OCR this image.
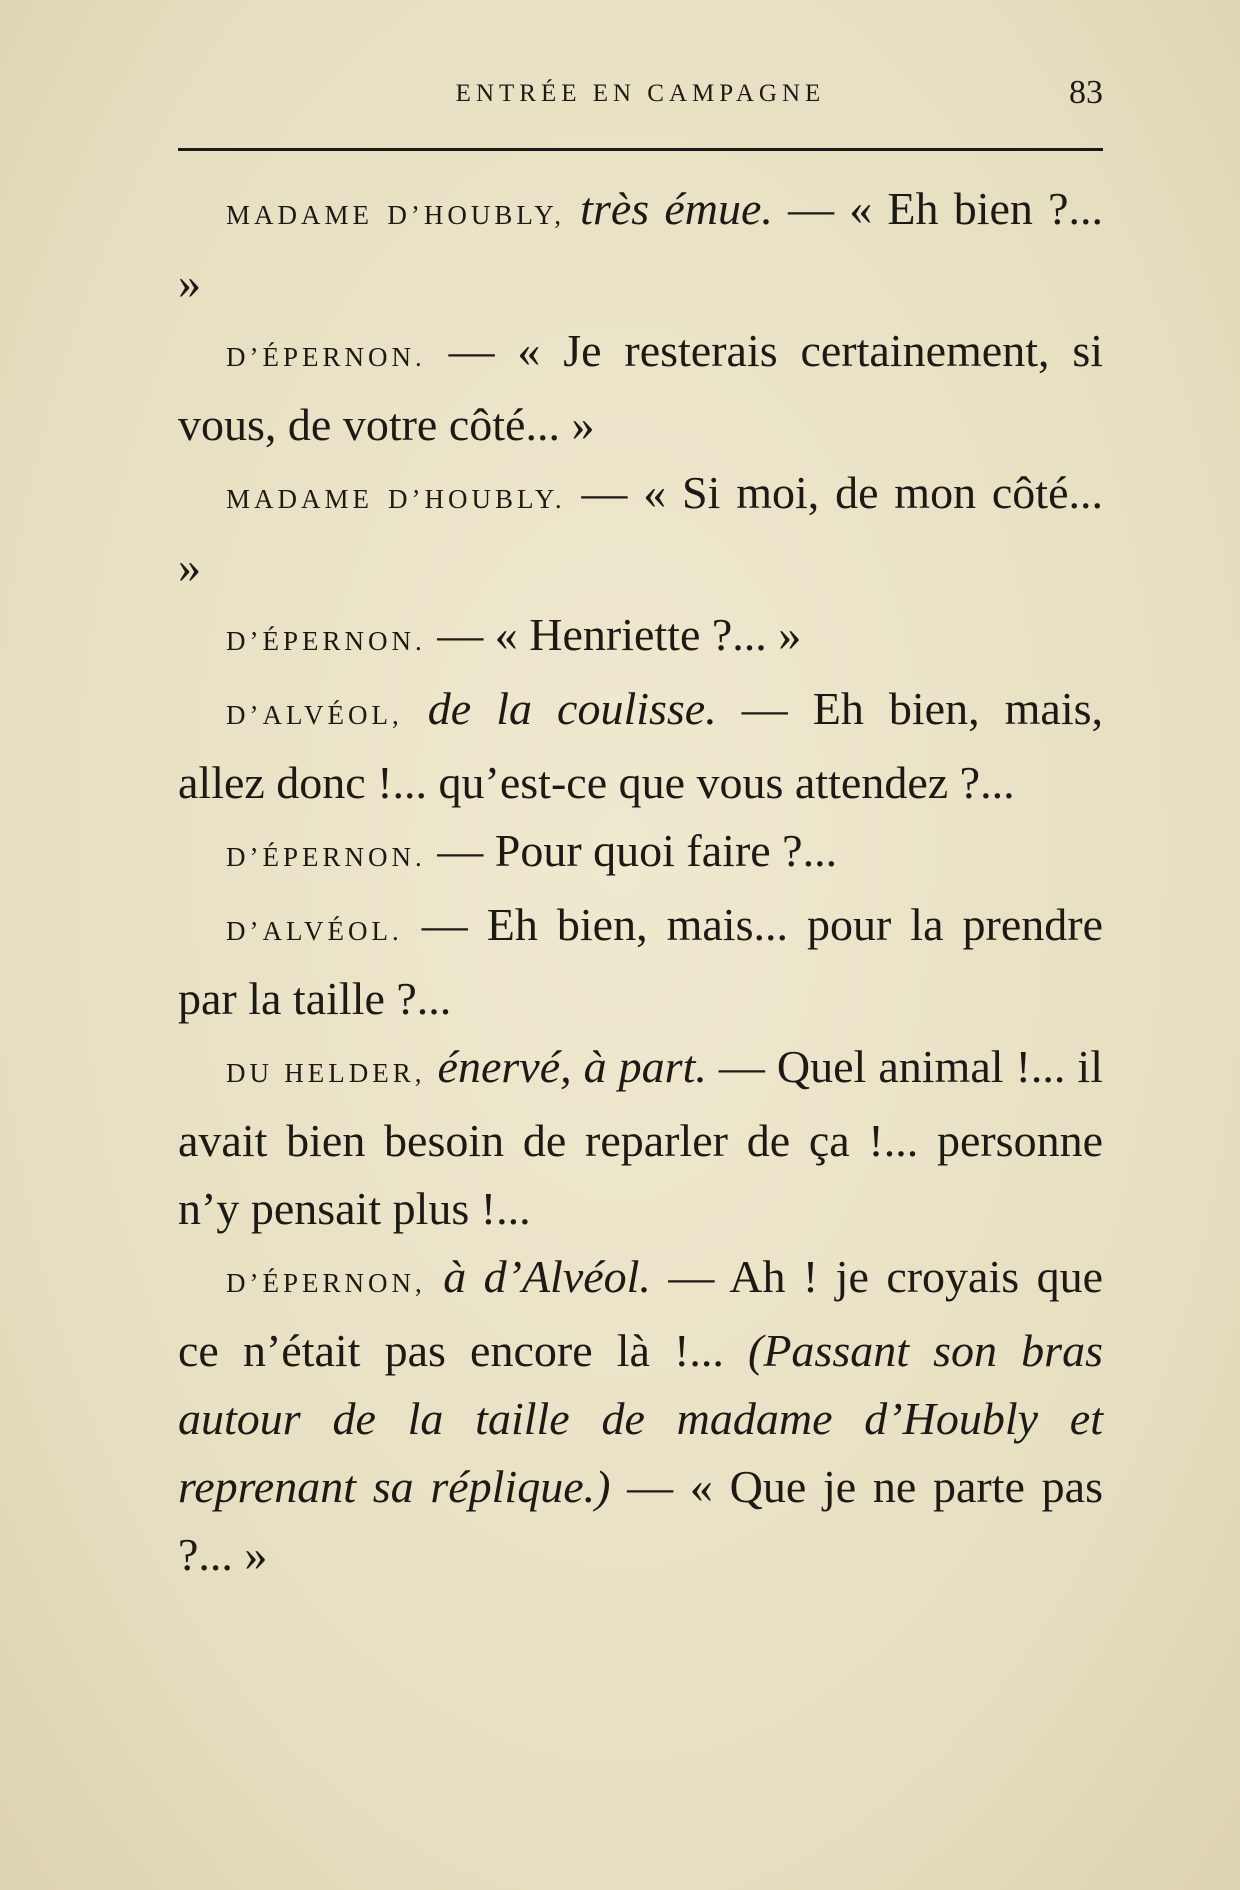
ENTRÉE EN CAMPAGNE	83

MADAME D’HOUBLY, très émue. — « Eh bien ?... »

D’ÉPERNON. — « Je resterais certainement, si vous, de votre côté... »

MADAME D’HOUBLY. — « Si moi, de mon côté... »

D’ÉPERNON. — « Henriette ?... »

D’ALVÉOL, de la coulisse. — Eh bien, mais, allez donc !... qu’est-ce que vous attendez ?...

D’ÉPERNON. — Pour quoi faire ?...

D’ALVÉOL. — Eh bien, mais... pour la prendre par la taille ?...

DU HELDER, énervé, à part. — Quel animal !... il avait bien besoin de reparler de ça !... personne n’y pensait plus !...

D’ÉPERNON, à d’Alvéol. — Ah ! je croyais que ce n’était pas encore là !... (Passant son bras autour de la taille de madame d’Houbly et reprenant sa réplique.) — « Que je ne parte pas ?... »
